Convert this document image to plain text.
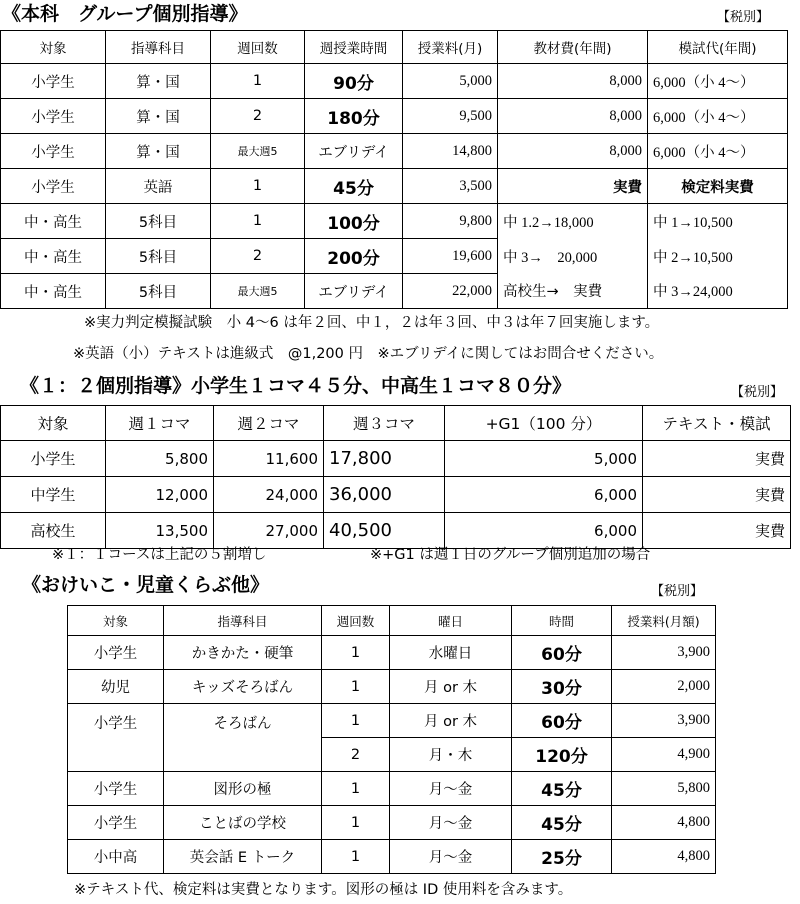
《本科　グループ個別指導》	【税別】
対象	指導科目	週回数	週授業時間	授業料(月)	教材費(年間)	模試代(年間)
小学生	算・国	1	90分	5,000	8,000	6,000（小 4〜）
小学生	算・国	2	180分	9,500	8,000	6,000（小 4〜）
小学生	算・国	最大週5	エブリデイ	14,800	8,000	6,000（小 4〜）
小学生	英語	1	45分	3,500	実費	検定料実費
中・高生	5科目	1	100分	9,800	中 1.2→18,000	中 1→10,500
中・高生	5科目	2	200分	19,600	中 3→　20,000	中 2→10,500
中・高生	5科目	最大週5	エブリデイ	22,000	高校生→　実費	中 3→24,000
※実力判定模擬試験　小 4〜6 は年２回、中１，２は年３回、中３は年７回実施します。
※英語（小）テキストは進級式　@1,200 円　※エブリデイに関してはお問合せください。
《１：２個別指導》小学生１コマ４５分、中高生１コマ８０分》	【税別】
対象	週１コマ	週２コマ	週３コマ	+G1（100 分）	テキスト・模試
小学生	5,800	11,600	17,800	5,000	実費
中学生	12,000	24,000	36,000	6,000	実費
高校生	13,500	27,000	40,500	6,000	実費
※１：１コースは上記の５割増し	※+G1 は週１日のグループ個別追加の場合
《おけいこ・児童くらぶ他》	【税別】
対象	指導科目	週回数	曜日	時間	授業料(月額)
小学生	かきかた・硬筆	1	水曜日	60分	3,900
幼児	キッズそろばん	1	月 or 木	30分	2,000
小学生	そろばん	1	月 or 木	60分	3,900
		2	月・木	120分	4,900
小学生	図形の極	1	月〜金	45分	5,800
小学生	ことばの学校	1	月〜金	45分	4,800
小中高	英会話 E トーク	1	月〜金	25分	4,800
※テキスト代、検定料は実費となります。図形の極は ID 使用料を含みます。
